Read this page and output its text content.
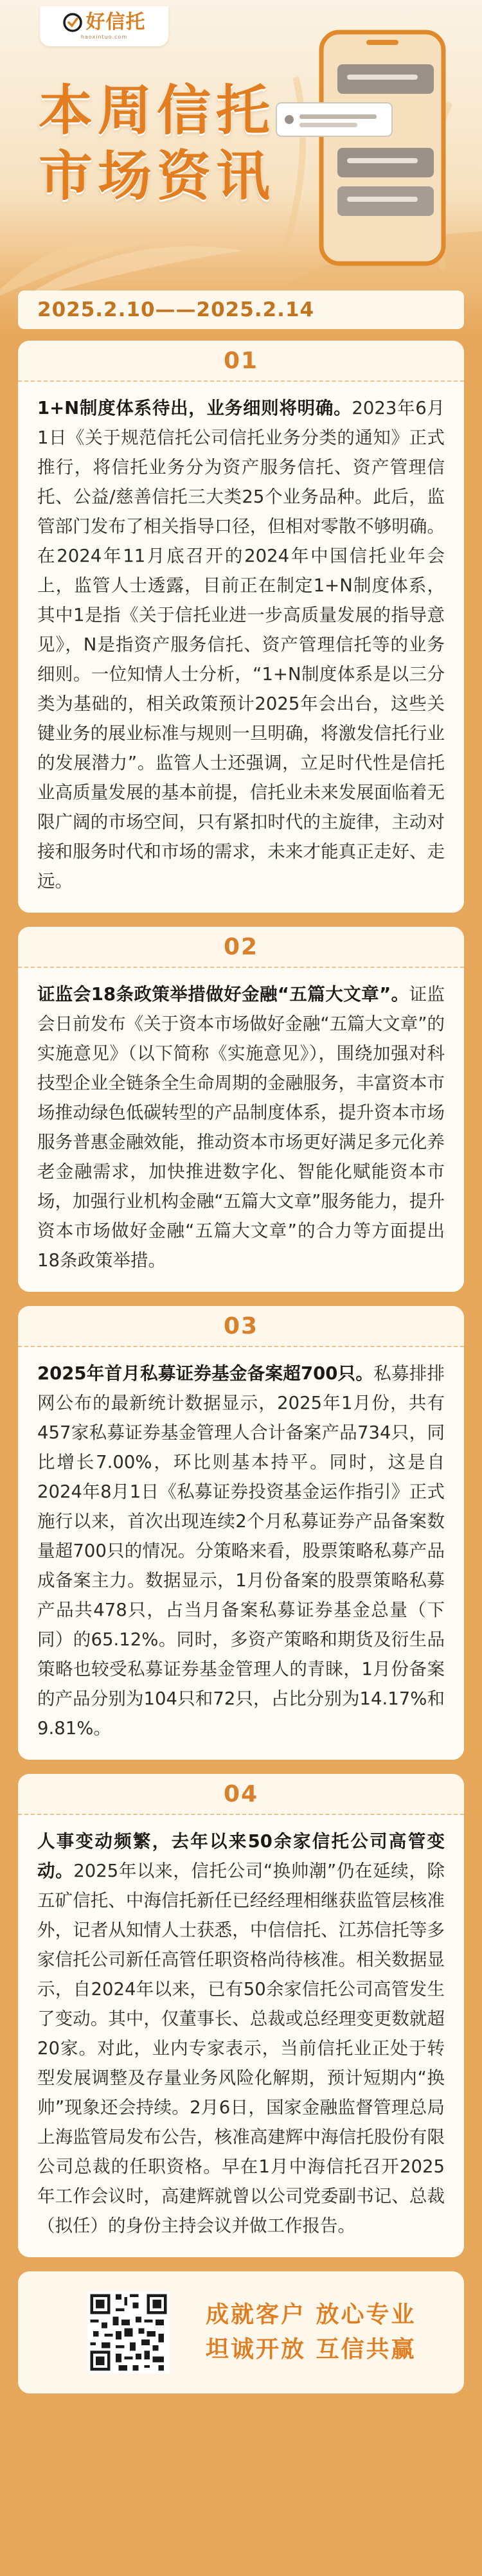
好信托
haoxintuo.com
本周信托
市场资讯
2025.2.10——2025.2.14
01
1+N制度体系待出，业务细则将明确。2023年6月1日《关于规范信托公司信托业务分类的通知》正式推行，将信托业务分为资产服务信托、资产管理信托、公益/慈善信托三大类25个业务品种。此后，监管部门发布了相关指导口径，但相对零散不够明确。在2024年11月底召开的2024年中国信托业年会上，监管人士透露，目前正在制定1+N制度体系，其中1是指《关于信托业进一步高质量发展的指导意见》，N是指资产服务信托、资产管理信托等的业务细则。一位知情人士分析，“1+N制度体系是以三分类为基础的，相关政策预计2025年会出台，这些关键业务的展业标准与规则一旦明确，将激发信托行业的发展潜力”。监管人士还强调，立足时代性是信托业高质量发展的基本前提，信托业未来发展面临着无限广阔的市场空间，只有紧扣时代的主旋律，主动对接和服务时代和市场的需求，未来才能真正走好、走远。
02
证监会18条政策举措做好金融“五篇大文章”。证监会日前发布《关于资本市场做好金融“五篇大文章”的实施意见》（以下简称《实施意见》），围绕加强对科技型企业全链条全生命周期的金融服务，丰富资本市场推动绿色低碳转型的产品制度体系，提升资本市场服务普惠金融效能，推动资本市场更好满足多元化养老金融需求，加快推进数字化、智能化赋能资本市场，加强行业机构金融“五篇大文章”服务能力，提升资本市场做好金融“五篇大文章”的合力等方面提出18条政策举措。
03
2025年首月私募证券基金备案超700只。私募排排网公布的最新统计数据显示，2025年1月份，共有457家私募证券基金管理人合计备案产品734只，同比增长7.00%，环比则基本持平。同时，这是自2024年8月1日《私募证券投资基金运作指引》正式施行以来，首次出现连续2个月私募证券产品备案数量超700只的情况。分策略来看，股票策略私募产品成备案主力。数据显示，1月份备案的股票策略私募产品共478只，占当月备案私募证券基金总量（下同）的65.12%。同时，多资产策略和期货及衍生品策略也较受私募证券基金管理人的青睐，1月份备案的产品分别为104只和72只，占比分别为14.17%和9.81%。
04
人事变动频繁，去年以来50余家信托公司高管变动。2025年以来，信托公司“换帅潮”仍在延续，除五矿信托、中海信托新任已经经理相继获监管层核准外，记者从知情人士获悉，中信信托、江苏信托等多家信托公司新任高管任职资格尚待核准。相关数据显示，自2024年以来，已有50余家信托公司高管发生了变动。其中，仅董事长、总裁或总经理变更数就超20家。对此，业内专家表示，当前信托业正处于转型发展调整及存量业务风险化解期，预计短期内“换帅”现象还会持续。2月6日，国家金融监督管理总局上海监管局发布公告，核准高建辉中海信托股份有限公司总裁的任职资格。早在1月中海信托召开2025年工作会议时，高建辉就曾以公司党委副书记、总裁（拟任）的身份主持会议并做工作报告。
成就客户 放心专业
坦诚开放 互信共赢
